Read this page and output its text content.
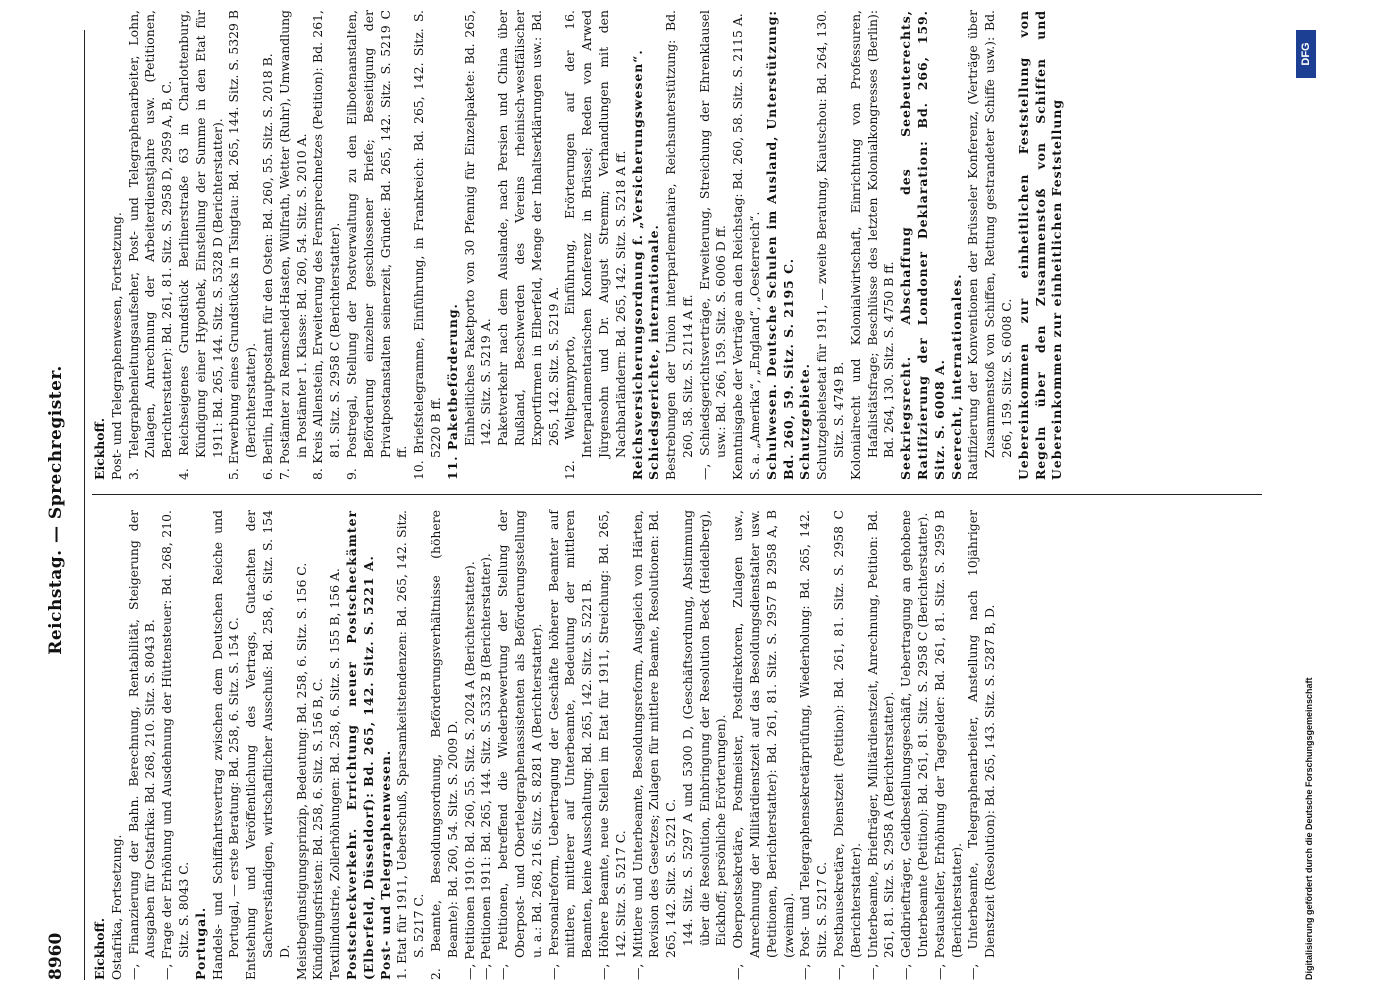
8960
Reichstag. — Sprechregister.

Eickhoff. Ostafrika, Fortsetzung. —, Finanzierung der Bahn. Berechnung, Rentabilität, Steigerung der Ausgaben für Ostafrika: Bd. 268, 210. Sitz. S. 8043 B. —, Frage der Erhöhung und Ausdehnung der Hüttensteuer: Bd. 268, 210. Sitz. S. 8043 C. Portugal. Handels- und Schiffahrtsvertrag zwischen dem Deutschen Reiche und Portugal, — erste Beratung: Bd. 258, 6. Sitz. S. 154 C. Entstehung und Veröffentlichung des Vertrags, Gutachten der Sachverständigen, wirtschaftlicher Ausschuß: Bd. 258, 6. Sitz. S. 154 D. Meistbegünstigungsprinzip, Bedeutung: Bd. 258, 6. Sitz. S. 156 C. Kündigungsfristen: Bd. 258, 6. Sitz. S. 156 B, C. Textilindustrie, Zollerhöhungen: Bd. 258, 6. Sitz. S. 155 B, 156 A. Postscheckverkehr. Errichtung neuer Postscheckämter (Elberfeld, Düsseldorf): Bd. 265, 142. Sitz. S. 5221 A. Post- und Telegraphenwesen. 1. Etat für 1911, Ueberschuß, Sparsamkeitstendenzen: Bd. 265, 142. Sitz. S. 5217 C. 2. Beamte, Besoldungsordnung, Beförderungsverhältnisse (höhere Beamte): Bd. 260, 54. Sitz. S. 2009 D. —, Petitionen 1910: Bd. 260, 55. Sitz. S. 2024 A (Berichterstatter). —, Petitionen 1911: Bd. 265, 144. Sitz. S. 5332 B (Berichterstatter). —, Petitionen, betreffend die Wiederbewertung der Stellung der Oberpost- und Obertelegraphenassistenten als Beförderungsstellung u. a.: Bd. 268, 216. Sitz. S. 8281 A (Berichterstatter). —, Personalreform, Uebertragung der Geschäfte höherer Beamter auf mittlere, mittlerer auf Unterbeamte, Bedeutung der mittleren Beamten, keine Ausschaltung: Bd. 265, 142. Sitz. S. 5221 B. —, Höhere Beamte, neue Stellen im Etat für 1911, Streichung: Bd. 265, 142. Sitz. S. 5217 C. —, Mittlere und Unterbeamte, Besoldungsreform, Ausgleich von Härten, Revision des Gesetzes; Zulagen für mittlere Beamte, Resolutionen: Bd. 265, 142. Sitz. S. 5221 C. 144. Sitz. S. 5297 A und 5300 D, (Geschäftsordnung, Abstimmung über die Resolution, Einbringung der Resolution Beck (Heidelberg), Eickhoff; persönliche Erörterungen). —, Oberpostsekretäre, Postmeister, Postdirektoren, Zulagen usw., Anrechnung der Militärdienstzeit auf das Besoldungsdienstalter usw. (Petitionen, Berichterstatter): Bd. 261, 81. Sitz. S. 2957 B 2958 A, B (zweimal). —, Post- und Telegraphensekretärprüfung, Wiederholung: Bd. 265, 142. Sitz. S. 5217 C. —, Postbausekretäre, Dienstzeit (Petition): Bd. 261, 81. Sitz. S. 2958 C (Berichterstatter). —, Unterbeamte, Briefträger, Militärdienstzeit, Anrechnung, Petition: Bd. 261, 81. Sitz. S. 2958 A (Berichterstatter). —, Geldbriefträger, Geldbestellungsgeschäft, Uebertragung an gehobene Unterbeamte (Petition): Bd. 261, 81. Sitz. S. 2958 C (Berichterstatter). —, Postaushelfer, Erhöhung der Tagegelder: Bd. 261, 81. Sitz. S. 2959 B (Berichterstatter). —, Unterbeamte, Telegraphenarbeiter, Anstellung nach 10jähriger Dienstzeit (Resolution): Bd. 265, 143. Sitz. S. 5287 B, D.

Eickhoff. Post- und Telegraphenwesen, Fortsetzung. 3. Telegraphenleitungsaufseher, Post- und Telegraphenarbeiter, Lohn, Zulagen, Anrechnung der Arbeiterdienstjahre usw. (Petitionen, Berichterstatter): Bd. 261, 81. Sitz. S. 2958 D, 2959 A, B, C. 4. Reichseigenes Grundstück Berlinerstraße 63 in Charlottenburg, Kündigung einer Hypothek, Einstellung der Summe in den Etat für 1911: Bd. 265, 144. Sitz. S. 5328 D (Berichterstatter). 5. Erwerbung eines Grundstücks in Tsingtau: Bd. 265, 144. Sitz. S. 5329 B (Berichterstatter). 6. Berlin, Hauptpostamt für den Osten: Bd. 260, 55. Sitz. S. 2018 B. 7. Postämter zu Remscheid-Hasten, Wülfrath, Wetter (Ruhr), Umwandlung in Postämter 1. Klasse: Bd. 260, 54. Sitz. S. 2010 A. 8. Kreis Allenstein, Erweiterung des Fernsprechnetzes (Petition): Bd. 261, 81. Sitz. S. 2958 C (Berichterstatter). 9. Postregal, Stellung der Postverwaltung zu den Eilbotenanstalten, Beförderung einzelner geschlossener Briefe; Beseitigung der Privatpostanstalten seinerzeit, Gründe: Bd. 265, 142. Sitz. S. 5219 C ff. 10. Briefstelegramme, Einführung, in Frankreich: Bd. 265, 142. Sitz. S. 5220 B ff. 11. Paketbeförderung. Einheitliches Paketporto von 30 Pfennig für Einzelpakete: Bd. 265, 142. Sitz. S. 5219 A. Paketverkehr nach dem Auslande, nach Persien und China über Rußland, Beschwerden des Vereins rheinisch-westfälischer Exportfirmen in Elberfeld, Menge der Inhaltserklärungen usw.: Bd. 265, 142. Sitz. S. 5219 A. 12. Weltpennyporto, Einführung, Erörterungen auf der 16. Interparlamentarischen Konferenz in Brüssel; Reden von Arwed Jürgensohn und Dr. August Stremm; Verhandlungen mit den Nachbarländern: Bd. 265, 142. Sitz. S. 5218 A ff. Reichsversicherungsordnung f. „Versicherungswesen“. Schiedsgerichte, internationale. Bestrebungen der Union interparlementaire, Reichsunterstützung: Bd. 260, 58. Sitz. S. 2114 A ff. —, Schiedsgerichtsverträge, Erweiterung, Streichung der Ehrenklausel usw.: Bd. 266, 159. Sitz. S. 6006 D ff. Kenntnisgabe der Verträge an den Reichstag: Bd. 260, 58. Sitz. S. 2115 A. S. a. „Amerika“, „England“, „Oesterreich“. Schulwesen. Deutsche Schulen im Ausland, Unterstützung: Bd. 260, 59. Sitz. S. 2195 C. Schutzgebiete. Schutzgebietsetat für 1911, — zweite Beratung, Kiautschou: Bd. 264, 130. Sitz. S. 4749 B. Kolonialrecht und Kolonialwirtschaft, Einrichtung von Professuren, Hafalistätsfrage; Beschlüsse des letzten Kolonialkongresses (Berlin): Bd. 264, 130. Sitz. S. 4750 B ff. Seekriegsrecht. Abschaffung des Seebeuterechts, Ratifizierung der Londoner Deklaration: Bd. 266, 159. Sitz. S. 6008 A. Seerecht, internationales. Ratifizierung der Konventionen der Brüsseler Konferenz, (Verträge über Zusammenstoß von Schiffen, Rettung gestrandeter Schiffe usw.): Bd. 266, 159. Sitz. S. 6008 C. Uebereinkommen zur einheitlichen Feststellung von Regeln über den Zusammenstoß von Schiffen und Uebereinkommen zur einheitlichen Feststellung

Digitalisierung gefördert durch die Deutsche Forschungsgemeinschaft
DFG
